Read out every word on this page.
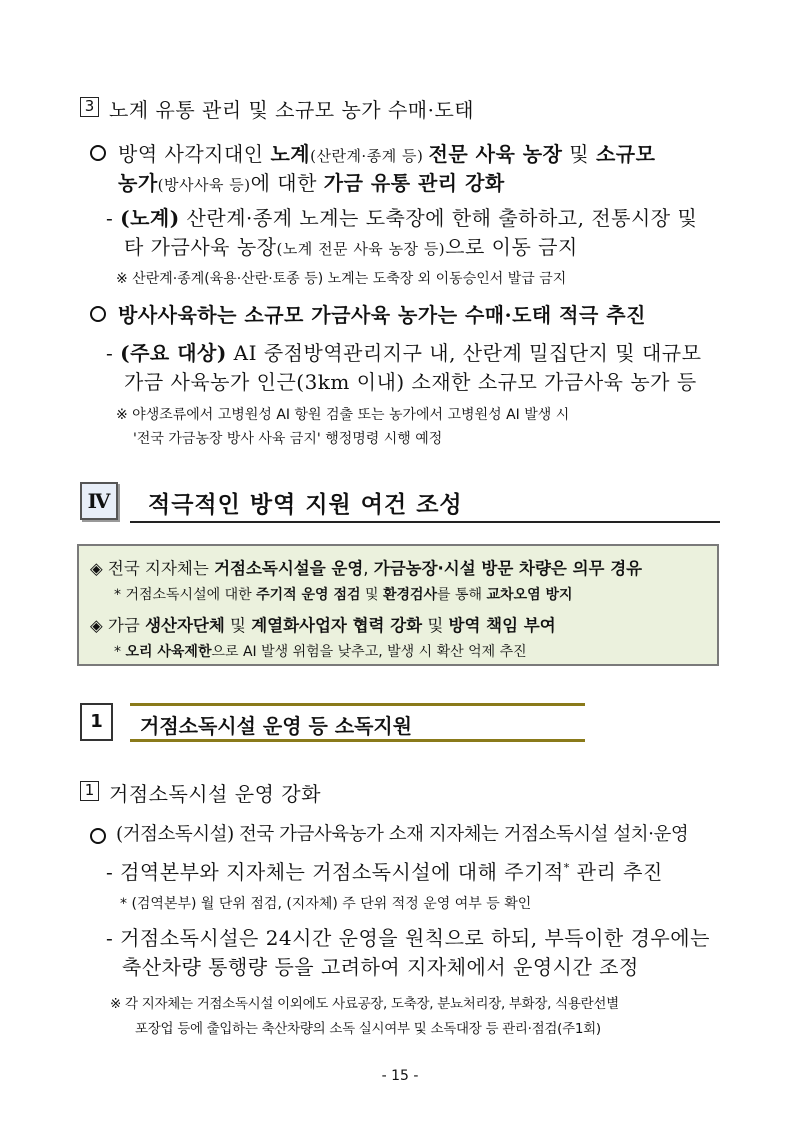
3 노계 유통 관리 및 소규모 농가 수매·도태
방역 사각지대인 노계(산란계·종계 등) 전문 사육 농장 및 소규모
농가(방사사육 등)에 대한 가금 유통 관리 강화
- (노계) 산란계·종계 노계는 도축장에 한해 출하하고, 전통시장 및
타 가금사육 농장(노계 전문 사육 농장 등)으로 이동 금지
※ 산란계·종계(육용·산란·토종 등) 노계는 도축장 외 이동승인서 발급 금지
방사사육하는 소규모 가금사육 농가는 수매·도태 적극 추진
- (주요 대상) AI 중점방역관리지구 내, 산란계 밀집단지 및 대규모
가금 사육농가 인근(3km 이내) 소재한 소규모 가금사육 농가 등
※ 야생조류에서 고병원성 AI 항원 검출 또는 농가에서 고병원성 AI 발생 시
'전국 가금농장 방사 사육 금지' 행정명령 시행 예정
Ⅳ	적극적인 방역 지원 여건 조성
◈ 전국 지자체는 거점소독시설을 운영, 가금농장·시설 방문 차량은 의무 경유
* 거점소독시설에 대한 주기적 운영 점검 및 환경검사를 통해 교차오염 방지
◈ 가금 생산자단체 및 계열화사업자 협력 강화 및 방역 책임 부여
* 오리 사육제한으로 AI 발생 위험을 낮추고, 발생 시 확산 억제 추진
1	거점소독시설 운영 등 소독지원
1 거점소독시설 운영 강화
(거점소독시설) 전국 가금사육농가 소재 지자체는 거점소독시설 설치·운영
- 검역본부와 지자체는 거점소독시설에 대해 주기적* 관리 추진
* (검역본부) 월 단위 점검, (지자체) 주 단위 적정 운영 여부 등 확인
- 거점소독시설은 24시간 운영을 원칙으로 하되, 부득이한 경우에는
축산차량 통행량 등을 고려하여 지자체에서 운영시간 조정
※ 각 지자체는 거점소독시설 이외에도 사료공장, 도축장, 분뇨처리장, 부화장, 식용란선별
포장업 등에 출입하는 축산차량의 소독 실시여부 및 소독대장 등 관리·점검(주1회)
- 15 -
